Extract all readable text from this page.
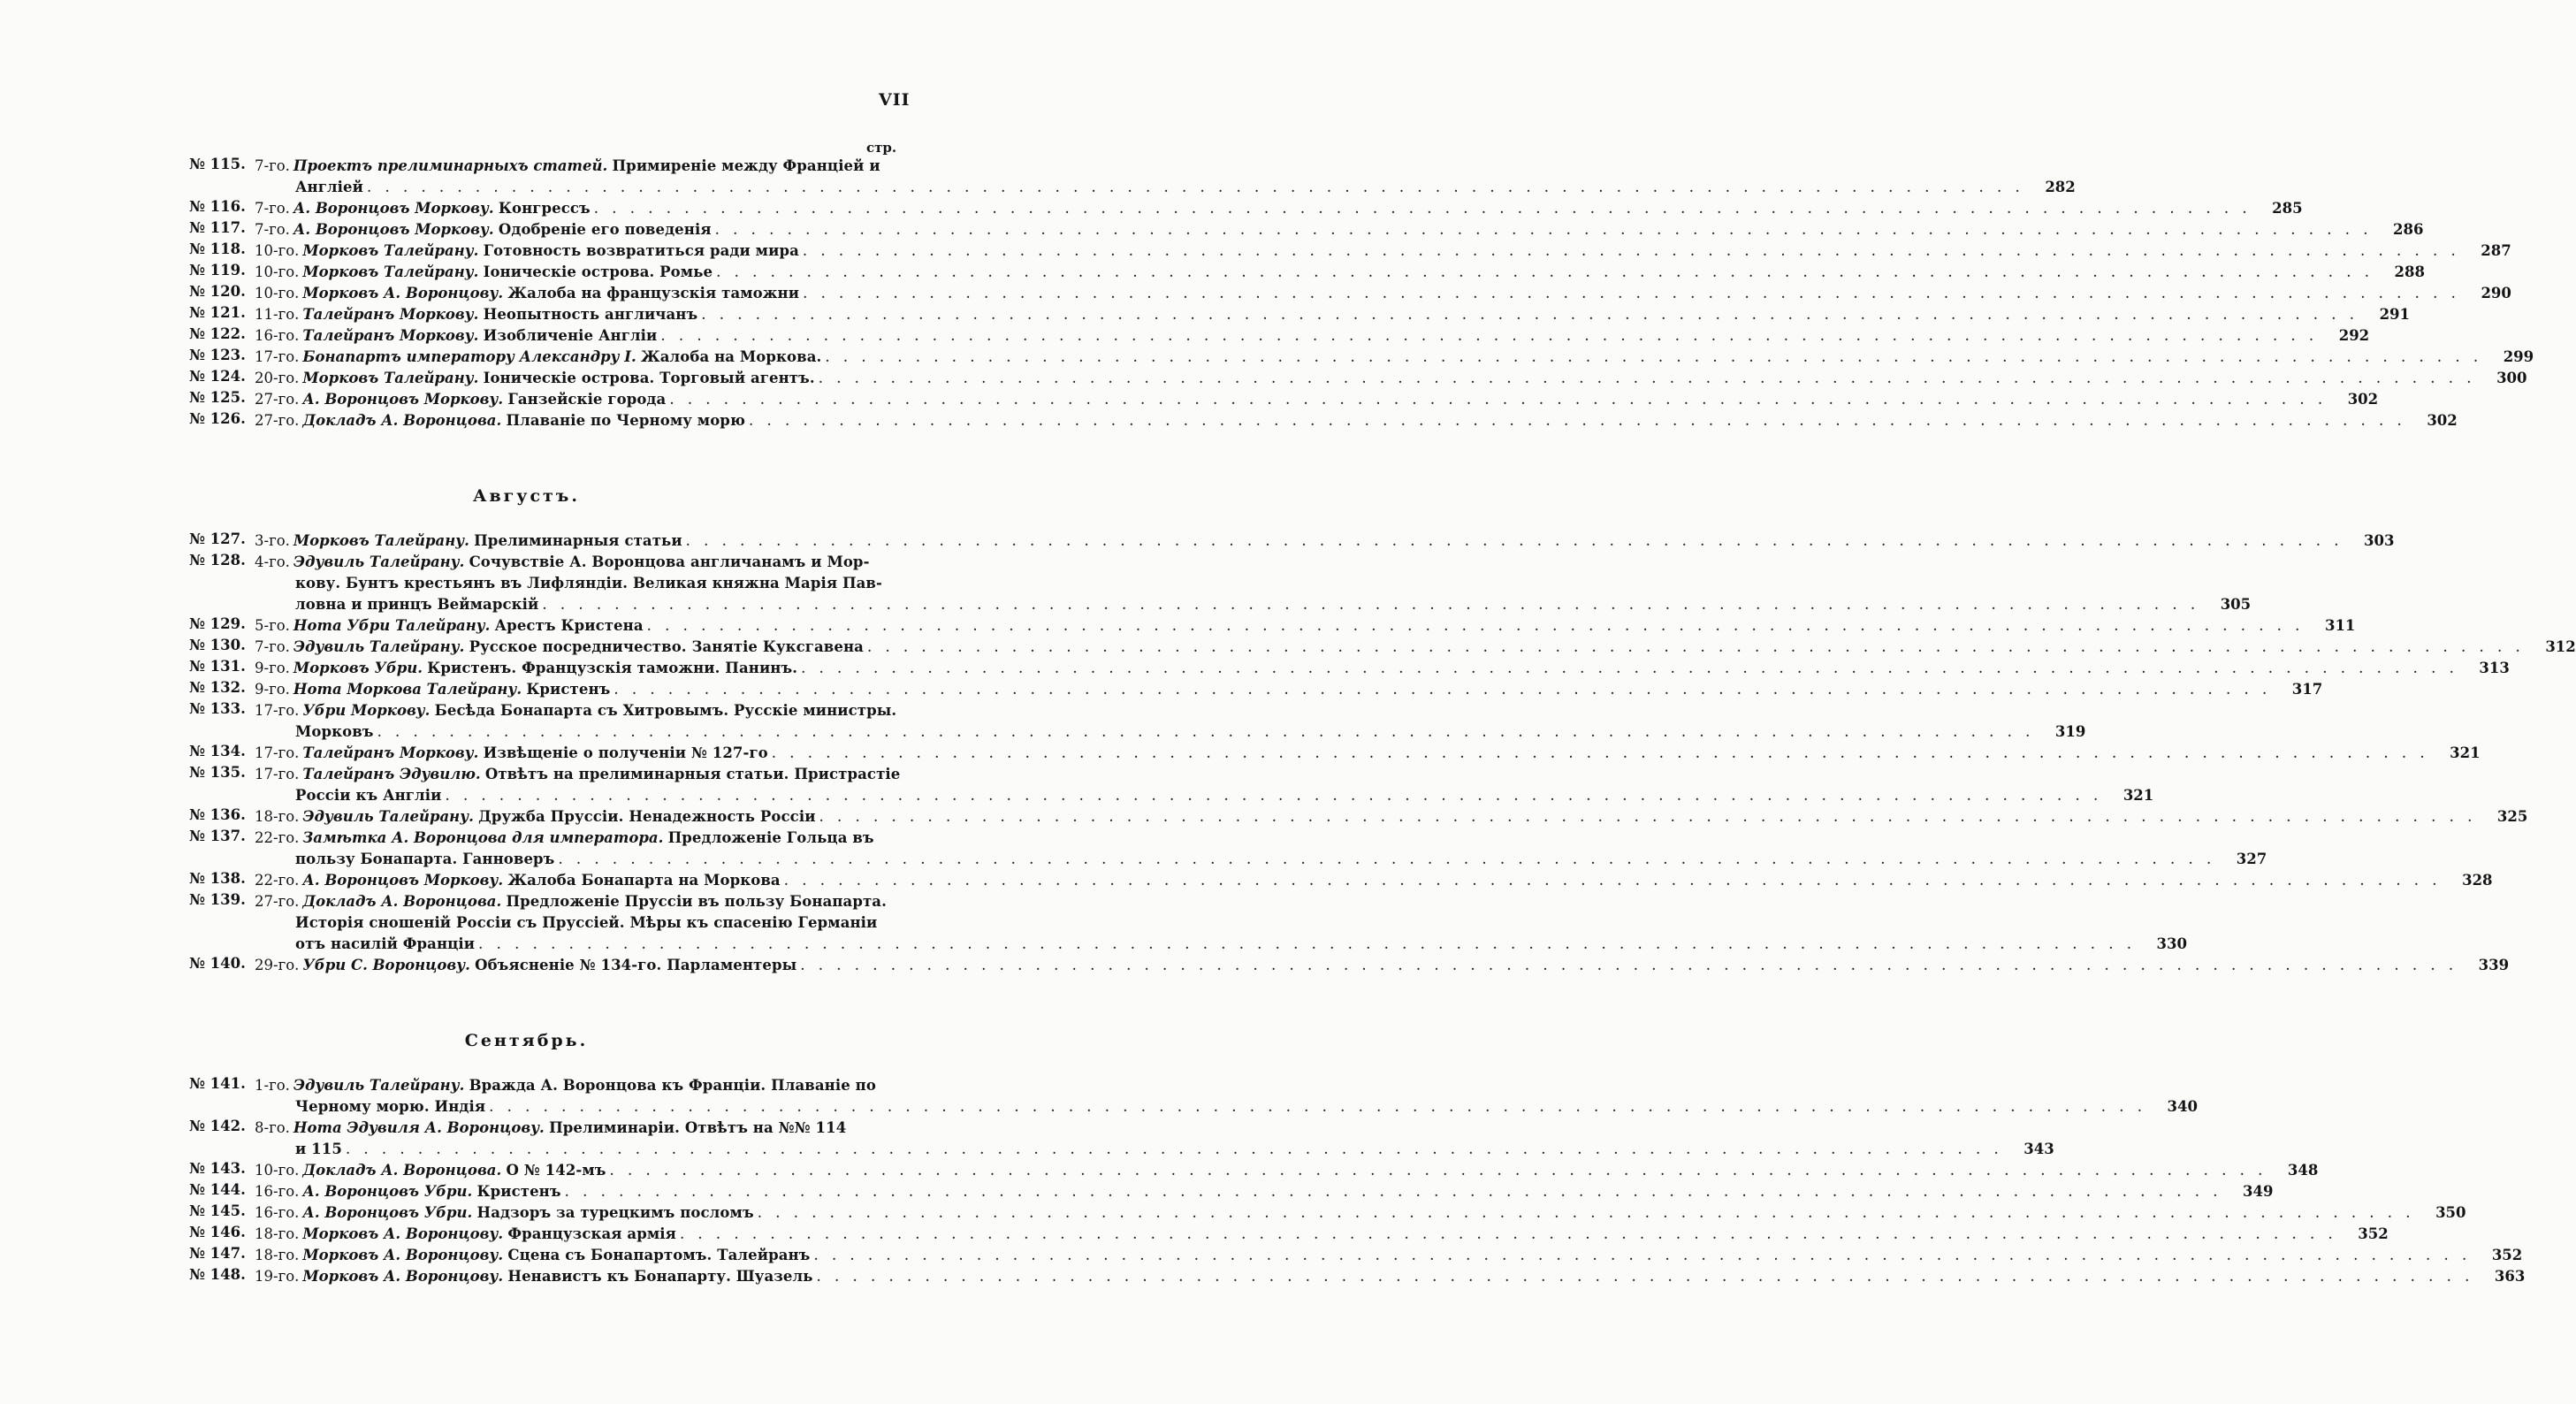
VII
стр.
№ 115. 7-го. Проектъ прелиминарныхъ статей. Примиреніе между Франціей и
Англіей . . .	282
№ 116. 7-го. А. Воронцовъ Моркову. Конгрессъ . . .	285
№ 117. 7-го. А. Воронцовъ Моркову. Одобреніе его поведенія . . .	286
№ 118. 10-го. Морковъ Талейрану. Готовность возвратиться ради мира . . .	287
№ 119. 10-го. Морковъ Талейрану. Іоническіе острова. Ромье . . .	288
№ 120. 10-го. Морковъ А. Воронцову. Жалоба на французскія таможни . . .	290
№ 121. 11-го. Талейранъ Моркову. Неопытность англичанъ . . .	291
№ 122. 16-го. Талейранъ Моркову. Изобличеніе Англіи . . .	292
№ 123. 17-го. Бонапартъ императору Александру I. Жалоба на Моркова. . . .	299
№ 124. 20-го. Морковъ Талейрану. Іоническіе острова. Торговый агентъ. . . .	300
№ 125. 27-го. А. Воронцовъ Моркову. Ганзейскіе города . . .	302
№ 126. 27-го. Докладъ А. Воронцова. Плаваніе по Черному морю . . .	302
Августъ.
№ 127. 3-го. Морковъ Талейрану. Прелиминарныя статьи . . .	303
№ 128. 4-го. Эдувиль Талейрану. Сочувствіе А. Воронцова англичанамъ и Мор-
кову. Бунтъ крестьянъ въ Лифляндіи. Великая княжна Марія Пав-
ловна и принцъ Веймарскій . . .	305
№ 129. 5-го. Нота Убри Талейрану. Арестъ Кристена . . .	311
№ 130. 7-го. Эдувиль Талейрану. Русское посредничество. Занятіе Куксгавена . . .	312
№ 131. 9-го. Морковъ Убри. Кристенъ. Французскія таможни. Панинъ. . . .	313
№ 132. 9-го. Нота Моркова Талейрану. Кристенъ . . .	317
№ 133. 17-го. Убри Моркову. Бесѣда Бонапарта съ Хитровымъ. Русскіе министры.
Морковъ . . .	319
№ 134. 17-го. Талейранъ Моркову. Извѣщеніе о полученіи № 127-го . . .	321
№ 135. 17-го. Талейранъ Эдувилю. Отвѣтъ на прелиминарныя статьи. Пристрастіе
Россіи къ Англіи . . .	321
№ 136. 18-го. Эдувиль Талейрану. Дружба Пруссіи. Ненадежность Россіи . . .	325
№ 137. 22-го. Замѣтка А. Воронцова для императора. Предложеніе Гольца въ
пользу Бонапарта. Ганноверъ . . .	327
№ 138. 22-го. А. Воронцовъ Моркову. Жалоба Бонапарта на Моркова . . .	328
№ 139. 27-го. Докладъ А. Воронцова. Предложеніе Пруссіи въ пользу Бонапарта.
Исторія сношеній Россіи съ Пруссіей. Мѣры къ спасенію Германіи
отъ насилій Франціи . . .	330
№ 140. 29-го. Убри С. Воронцову. Объясненіе № 134-го. Парламентеры . . .	339
Сентябрь.
№ 141. 1-го. Эдувиль Талейрану. Вражда А. Воронцова къ Франціи. Плаваніе по
Черному морю. Индія . . .	340
№ 142. 8-го. Нота Эдувиля А. Воронцову. Прелиминаріи. Отвѣтъ на №№ 114
и 115 . . .	343
№ 143. 10-го. Докладъ А. Воронцова. О № 142-мъ . . .	348
№ 144. 16-го. А. Воронцовъ Убри. Кристенъ . . .	349
№ 145. 16-го. А. Воронцовъ Убри. Надзоръ за турецкимъ посломъ . . .	350
№ 146. 18-го. Морковъ А. Воронцову. Французская армія . . .	352
№ 147. 18-го. Морковъ А. Воронцову. Сцена съ Бонапартомъ. Талейранъ . . .	352
№ 148. 19-го. Морковъ А. Воронцову. Ненавистъ къ Бонапарту. Шуазель . . .	363
